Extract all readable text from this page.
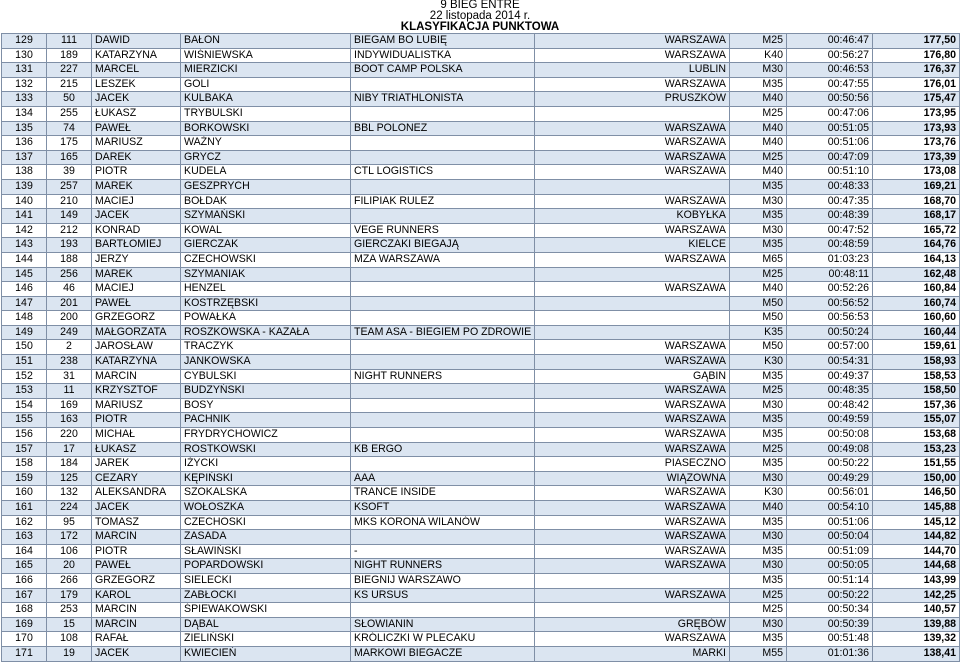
9 BIEG ENTRE
22 listopada 2014 r.
KLASYFIKACJA PUNKTOWA
129	111	DAWID	BAŁON	BIEGAM BO LUBIĘ	WARSZAWA	M25	00:46:47	177,50
130	189	KATARZYNA	WIŚNIEWSKA	INDYWIDUALISTKA	WARSZAWA	K40	00:56:27	176,80
131	227	MARCEL	MIERZICKI	BOOT CAMP POLSKA	LUBLIN	M30	00:46:53	176,37
132	215	LESZEK	GOLI		WARSZAWA	M35	00:47:55	176,01
133	50	JACEK	KULBAKA	NIBY TRIATHLONISTA	PRUSZKÓW	M40	00:50:56	175,47
134	255	ŁUKASZ	TRYBULSKI			M25	00:47:06	173,95
135	74	PAWEŁ	BORKOWSKI	BBL POLONEZ	WARSZAWA	M40	00:51:05	173,93
136	175	MARIUSZ	WAŻNY		WARSZAWA	M40	00:51:06	173,76
137	165	DAREK	GRYCZ		WARSZAWA	M25	00:47:09	173,39
138	39	PIOTR	KUDELA	CTL LOGISTICS	WARSZAWA	M40	00:51:10	173,08
139	257	MAREK	GESZPRYCH			M35	00:48:33	169,21
140	210	MACIEJ	BOŁDAK	FILIPIAK RULEZ	WARSZAWA	M30	00:47:35	168,70
141	149	JACEK	SZYMAŃSKI		KOBYŁKA	M35	00:48:39	168,17
142	212	KONRAD	KOWAL	VEGE RUNNERS	WARSZAWA	M30	00:47:52	165,72
143	193	BARTŁOMIEJ	GIERCZAK	GIERCZAKI BIEGAJĄ	KIELCE	M35	00:48:59	164,76
144	188	JERZY	CZECHOWSKI	MZA WARSZAWA	WARSZAWA	M65	01:03:23	164,13
145	256	MAREK	SZYMANIAK			M25	00:48:11	162,48
146	46	MACIEJ	HENZEL		WARSZAWA	M40	00:52:26	160,84
147	201	PAWEŁ	KOSTRZĘBSKI			M50	00:56:52	160,74
148	200	GRZEGORZ	POWAŁKA			M50	00:56:53	160,60
149	249	MAŁGORZATA	ROSZKOWSKA - KAZAŁA	TEAM ASA - BIEGIEM PO ZDROWIE		K35	00:50:24	160,44
150	2	JAROSŁAW	TRACZYK		WARSZAWA	M50	00:57:00	159,61
151	238	KATARZYNA	JANKOWSKA		WARSZAWA	K30	00:54:31	158,93
152	31	MARCIN	CYBULSKI	NIGHT RUNNERS	GĄBIN	M35	00:49:37	158,53
153	11	KRZYSZTOF	BUDZYŃSKI		WARSZAWA	M25	00:48:35	158,50
154	169	MARIUSZ	BOSY		WARSZAWA	M30	00:48:42	157,36
155	163	PIOTR	PACHNIK		WARSZAWA	M35	00:49:59	155,07
156	220	MICHAŁ	FRYDRYCHOWICZ		WARSZAWA	M35	00:50:08	153,68
157	17	ŁUKASZ	ROSTKOWSKI	KB ERGO	WARSZAWA	M25	00:49:08	153,23
158	184	JAREK	IŻYCKI		PIASECZNO	M35	00:50:22	151,55
159	125	CEZARY	KĘPIŃSKI	AAA	WIĄZOWNA	M30	00:49:29	150,00
160	132	ALEKSANDRA	SZOKALSKA	TRANCE INSIDE	WARSZAWA	K30	00:56:01	146,50
161	224	JACEK	WOŁOSZKA	KSOFT	WARSZAWA	M40	00:54:10	145,88
162	95	TOMASZ	CZECHOSKI	MKS KORONA WILANÓW	WARSZAWA	M35	00:51:06	145,12
163	172	MARCIN	ZASADA		WARSZAWA	M30	00:50:04	144,82
164	106	PIOTR	SŁAWIŃSKI	-	WARSZAWA	M35	00:51:09	144,70
165	20	PAWEŁ	POPARDOWSKI	NIGHT RUNNERS	WARSZAWA	M30	00:50:05	144,68
166	266	GRZEGORZ	SIELECKI	BIEGNIJ WARSZAWO		M35	00:51:14	143,99
167	179	KAROL	ZABŁOCKI	KS URSUS	WARSZAWA	M25	00:50:22	142,25
168	253	MARCIN	ŚPIEWAKOWSKI			M25	00:50:34	140,57
169	15	MARCIN	DĄBAL	SŁOWIANIN	GRĘBÓW	M30	00:50:39	139,88
170	108	RAFAŁ	ZIELIŃSKI	KRÓLICZKI W PLECAKU	WARSZAWA	M35	00:51:48	139,32
171	19	JACEK	KWIECIEŃ	MARKOWI BIEGACZE	MARKI	M55	01:01:36	138,41
